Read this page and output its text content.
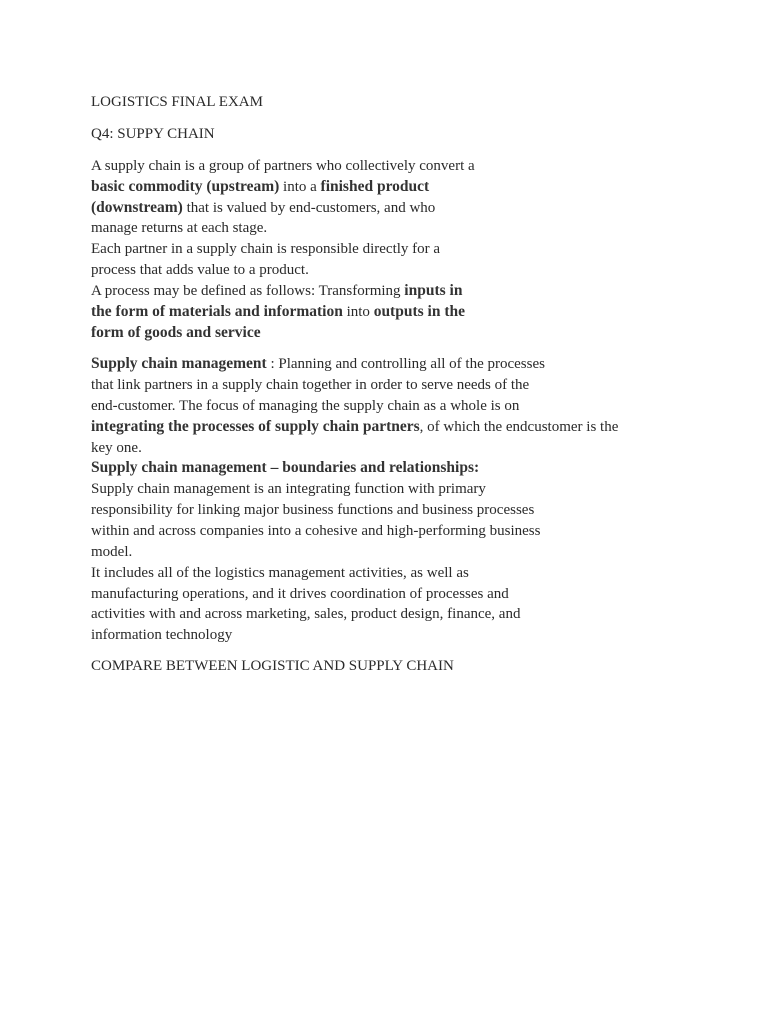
LOGISTICS FINAL EXAM
Q4: SUPPY CHAIN
A supply chain is a group of partners who collectively convert a
basic commodity (upstream) into a finished product
(downstream) that is valued by end-customers, and who
manage returns at each stage.
Each partner in a supply chain is responsible directly for a
process that adds value to a product.
A process may be defined as follows: Transforming inputs in
the form of materials and information into outputs in the
form of goods and service
Supply chain management : Planning and controlling all of the processes
that link partners in a supply chain together in order to serve needs of the
end-customer. The focus of managing the supply chain as a whole is on
integrating the processes of supply chain partners, of which the endcustomer is the
key one.
Supply chain management – boundaries and relationships:
Supply chain management is an integrating function with primary
responsibility for linking major business functions and business processes
within and across companies into a cohesive and high-performing business
model.
It includes all of the logistics management activities, as well as
manufacturing operations, and it drives coordination of processes and
activities with and across marketing, sales, product design, finance, and
information technology
COMPARE BETWEEN LOGISTIC AND SUPPLY CHAIN
